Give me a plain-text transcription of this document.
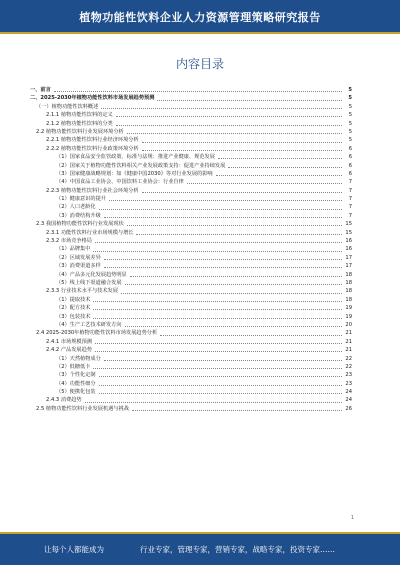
植物功能性饮料企业人力资源管理策略研究报告
内容目录
一、前言	5
二、2025-2030年植物功能性饮料市场发展趋势预测	5
（一）植物功能性饮料概述	5
2.1.1 植物功能性饮料的定义	5
2.1.2 植物功能性饮料的分类	5
2.2 植物功能性饮料行业发展环境分析	5
2.2.1 植物功能性饮料行业经济环境分析	5
2.2.2 植物功能性饮料行业政策环境分析	6
（1）国家食品安全监管政策、标准与法规：推进产业健康、规范发展	6
（2）国家关于植物功能性饮料相关产业发展政策支持：促进产业持续发展	6
（3）国家健康战略规划：如《健康中国2030》等对行业发展的影响	6
（4）中国食品工业协会、中国饮料工业协会：行业自律	7
2.2.3 植物功能性饮料行业社会环境分析	7
（1）健康意识的提升	7
（2）人口老龄化	7
（3）消费结构升级	7
2.3 我国植物功能性饮料行业发展现状	15
2.3.1 功能性饮料行业市场规模与增长	15
2.3.2 市场竞争格局	16
（1）品牌集中	16
（2）区域发展差异	17
（3）消费渠道多样	17
（4）产品多元化发展趋势明显	18
（5）线上线下渠道融合发展	18
2.3.3 行业技术水平与技术发展	18
（1）提取技术	18
（2）配方技术	19
（3）包装技术	19
（4）生产工艺技术研发方向	20
2.4 2025-2030年植物功能性饮料市场发展趋势分析	21
2.4.1 市场规模预测	21
2.4.2 产品发展趋势	21
（1）天然植物成分	22
（2）低糖低卡	22
（3）个性化定制	23
（4）功能性细分	23
（5）便携化包装	24
2.4.3 消费趋势	24
2.5 植物功能性饮料行业发展机遇与挑战	26
1
让每个人都能成为	行业专家，管理专家，营销专家，战略专家，投资专家……
